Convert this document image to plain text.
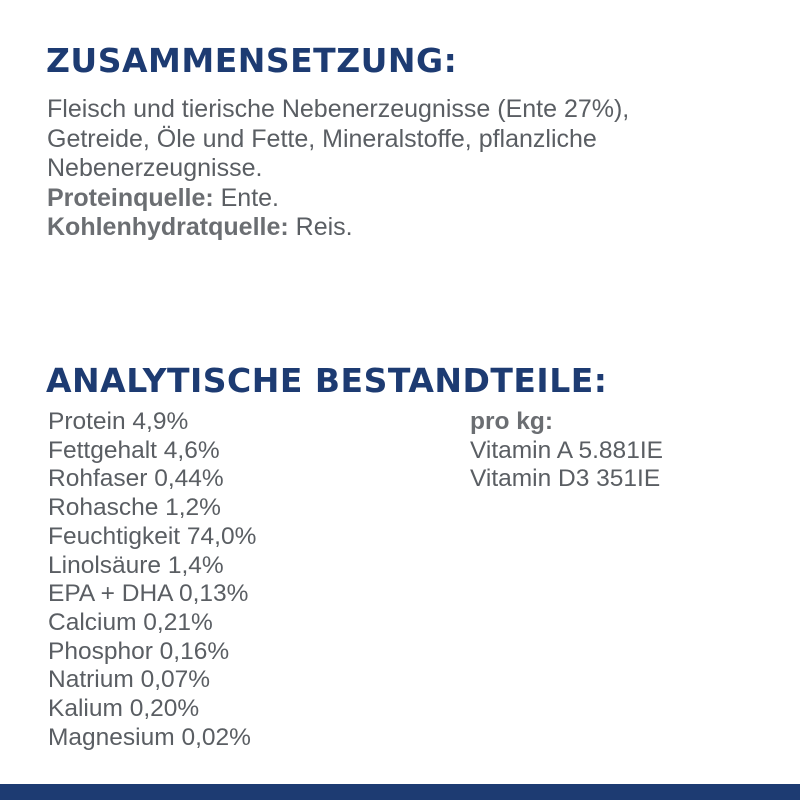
ZUSAMMENSETZUNG:
Fleisch und tierische Nebenerzeugnisse (Ente 27%),
Getreide, Öle und Fette, Mineralstoffe, pflanzliche
Nebenerzeugnisse.
Proteinquelle: Ente.
Kohlenhydratquelle: Reis.
ANALYTISCHE BESTANDTEILE:
Protein 4,9%
Fettgehalt 4,6%
Rohfaser 0,44%
Rohasche 1,2%
Feuchtigkeit 74,0%
Linolsäure 1,4%
EPA + DHA 0,13%
Calcium 0,21%
Phosphor 0,16%
Natrium 0,07%
Kalium 0,20%
Magnesium 0,02%
pro kg:
Vitamin A 5.881IE
Vitamin D3 351IE
